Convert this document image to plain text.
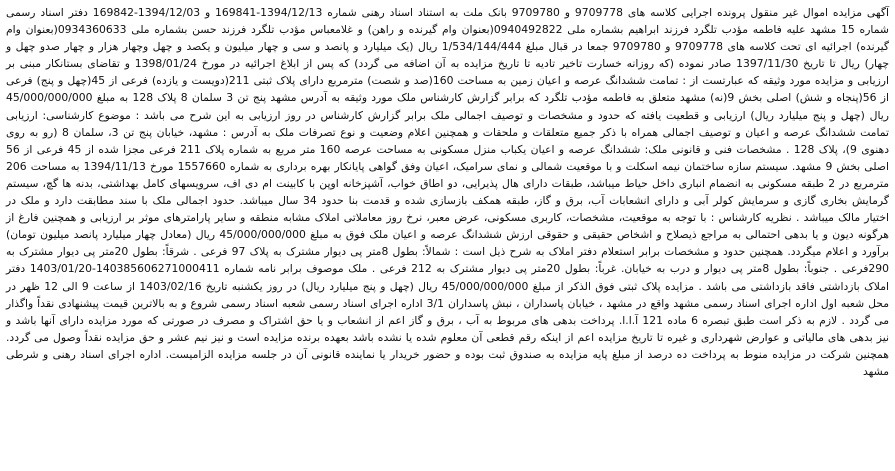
آگهی مزایده اموال غیر منقول پرونده اجرایی کلاسه های 9709778 و 9709780 بانک ملت به استناد اسناد رهنی شماره 1394/12/13-169841 و 1394/12/03-169842 دفتر اسناد رسمی شماره 15 مشهد علیه فاطمه مؤدب تلگرد فرزند ابراهیم بشماره ملی 0940492822(بعنوان وام گیرنده و راهن) و غلامعباس مؤدب تلگرد فرزند حسن بشماره ملی 0934360633(بعنوان وام گیرنده) اجرائیه ای تحت کلاسه های 9709778 و 9709780 جمعا در قبال مبلغ 1/534/144/444 ریال (یک میلیارد و پانصد و سی و چهار میلیون و یکصد و چهل وچهار هزار و چهار صدو چهل و چهار) ریال تا تاریخ 1397/11/30 صادر نموده (که روزانه خسارت تاخیر تادیه تا تاریخ مزایده به آن اضافه می گردد) که پس از ابلاغ اجرائیه در مورخ 1398/01/24 و تقاضای بستانکار مبنی بر ارزیابی و مزایده مورد وثیقه که عبارتست از : تمامت ششدانگ عرصه و اعیان زمین به مساحت 160(صد و شصت) مترمربع دارای پلاک ثبتی 211(دویست و یازده) فرعی از 45(چهل و پنج) فرعی از 56(پنجاه و شش) اصلی بخش 9(نه) مشهد متعلق به فاطمه مؤدب تلگرد که برابر گزارش کارشناس ملک مورد وثیقه به آدرس مشهد پنج تن 3 سلمان 8 پلاک 128 به مبلغ 45/000/000/000 ریال (چهل و پنج میلیارد ریال) ارزیابی و قطعیت یافته که حدود و مشخصات و توصیف اجمالی ملک برابر گزارش کارشناس در روز ارزیابی به این شرح می باشد : موضوع کارشناسی: ارزیابی تمامت ششدانگ عرصه و اعیان و توصیف اجمالی همراه با ذکر جمیع متعلقات و ملحقات و همچنین اعلام وضعیت و نوع تصرفات ملک به آدرس : مشهد، خیابان پنج تن 3، سلمان 8 (رو به روی دهنوی 9)، پلاک 128 . مشخصات فنی و قانونی ملک: ششدانگ عرصه و اعیان یکباب منزل مسکونی به مساحت عرصه 160 متر مربع به شماره پلاک 211 فرعی مجزا شده از 45 فرعی از 56 اصلی بخش 9 مشهد. سیستم سازه ساختمان نیمه اسکلت و با موقعیت شمالی و نمای سرامیک، اعیان وفق گواهی پایانکار بهره برداری به شماره 1557660 مورخ 1394/11/13 به مساحت 206 مترمربع در 2 طبقه مسکونی به انضمام انباری داخل حیاط میباشد، طبقات دارای هال پذیرایی، دو اطاق خواب، آشپزخانه اوپن با کابینت ام دی اف، سرویسهای کامل بهداشتی، بدنه ها گچ، سیستم گرمایش بخاری گازی و سرمایش کولر آبی و دارای انشعابات آب، برق و گاز، طبقه همکف بازسازی شده و قدمت بنا حدود 34 سال میباشد. حدود اجمالی ملک با سند مطابقت دارد و ملک در اختیار مالک میباشد . نظریه کارشناس : با توجه به موقعیت، مشخصات، کاربری مسکونی، عرض معبر، نرخ روز معاملاتی املاک مشابه منطقه و سایر پارامترهای موثر بر ارزیابی و همچنین فارغ از هرگونه دیون و یا بدهی احتمالی به مراجع ذیصلاح و اشخاص حقیقی و حقوقی ارزش ششدانگ عرصه و اعیان ملک فوق به مبلغ 45/000/000/000 ریال (معادل چهار میلیارد پانصد میلیون تومان) برآورد و اعلام میگردد. همچنین حدود و مشخصات برابر استعلام دفتر املاک به شرح ذیل است : شمالاً: بطول 8متر پی دیوار مشترک به پلاک 97 فرعی . شرقاً: بطول 20متر پی دیوار مشترک به 290فرعی . جنوباً: بطول 8متر پی دیوار و درب به خیابان. غرباً: بطول 20متر پی دیوار مشترک به 212 فرعی . ملک موصوف برابر نامه شماره 140385606271000411-1403/01/20 دفتر املاک بازداشتی فاقد بازداشتی می باشد . مزایده پلاک ثبتی فوق الذکر از مبلغ 45/000/000/000 ریال (چهل و پنج میلیارد ریال) در روز یکشنبه تاریخ 1403/02/16 از ساعت 9 الی 12 ظهر در محل شعبه اول اداره اجرای اسناد رسمی مشهد واقع در مشهد ، خیابان پاسداران ، نبش پاسداران 3/1 اداره اجرای اسناد رسمی شعبه اسناد رسمی شروع و به بالاترین قیمت پیشنهادی نقداً واگذار می گردد . لازم به ذکر است طبق تبصره 6 ماده 121 آ.ا.ا. پرداخت بدهی های مربوط به آب ، برق و گاز اعم از انشعاب و یا حق اشتراک و مصرف در صورتی که مورد مزایده دارای آنها باشد و نیز بدهی های مالیاتی و عوارض شهرداری و غیره تا تاریخ مزایده اعم از اینکه رقم قطعی آن معلوم شده یا نشده باشد بعهده برنده مزایده است و نیز نیم عشر و حق مزایده نقداً وصول می گردد. همچنین شرکت در مزایده منوط به پرداخت ده درصد از مبلغ پایه مزایده به صندوق ثبت بوده و حضور خریدار یا نماینده قانونی آن در جلسه مزایده الزامیست. اداره اجرای اسناد رهنی و شرطی مشهد
